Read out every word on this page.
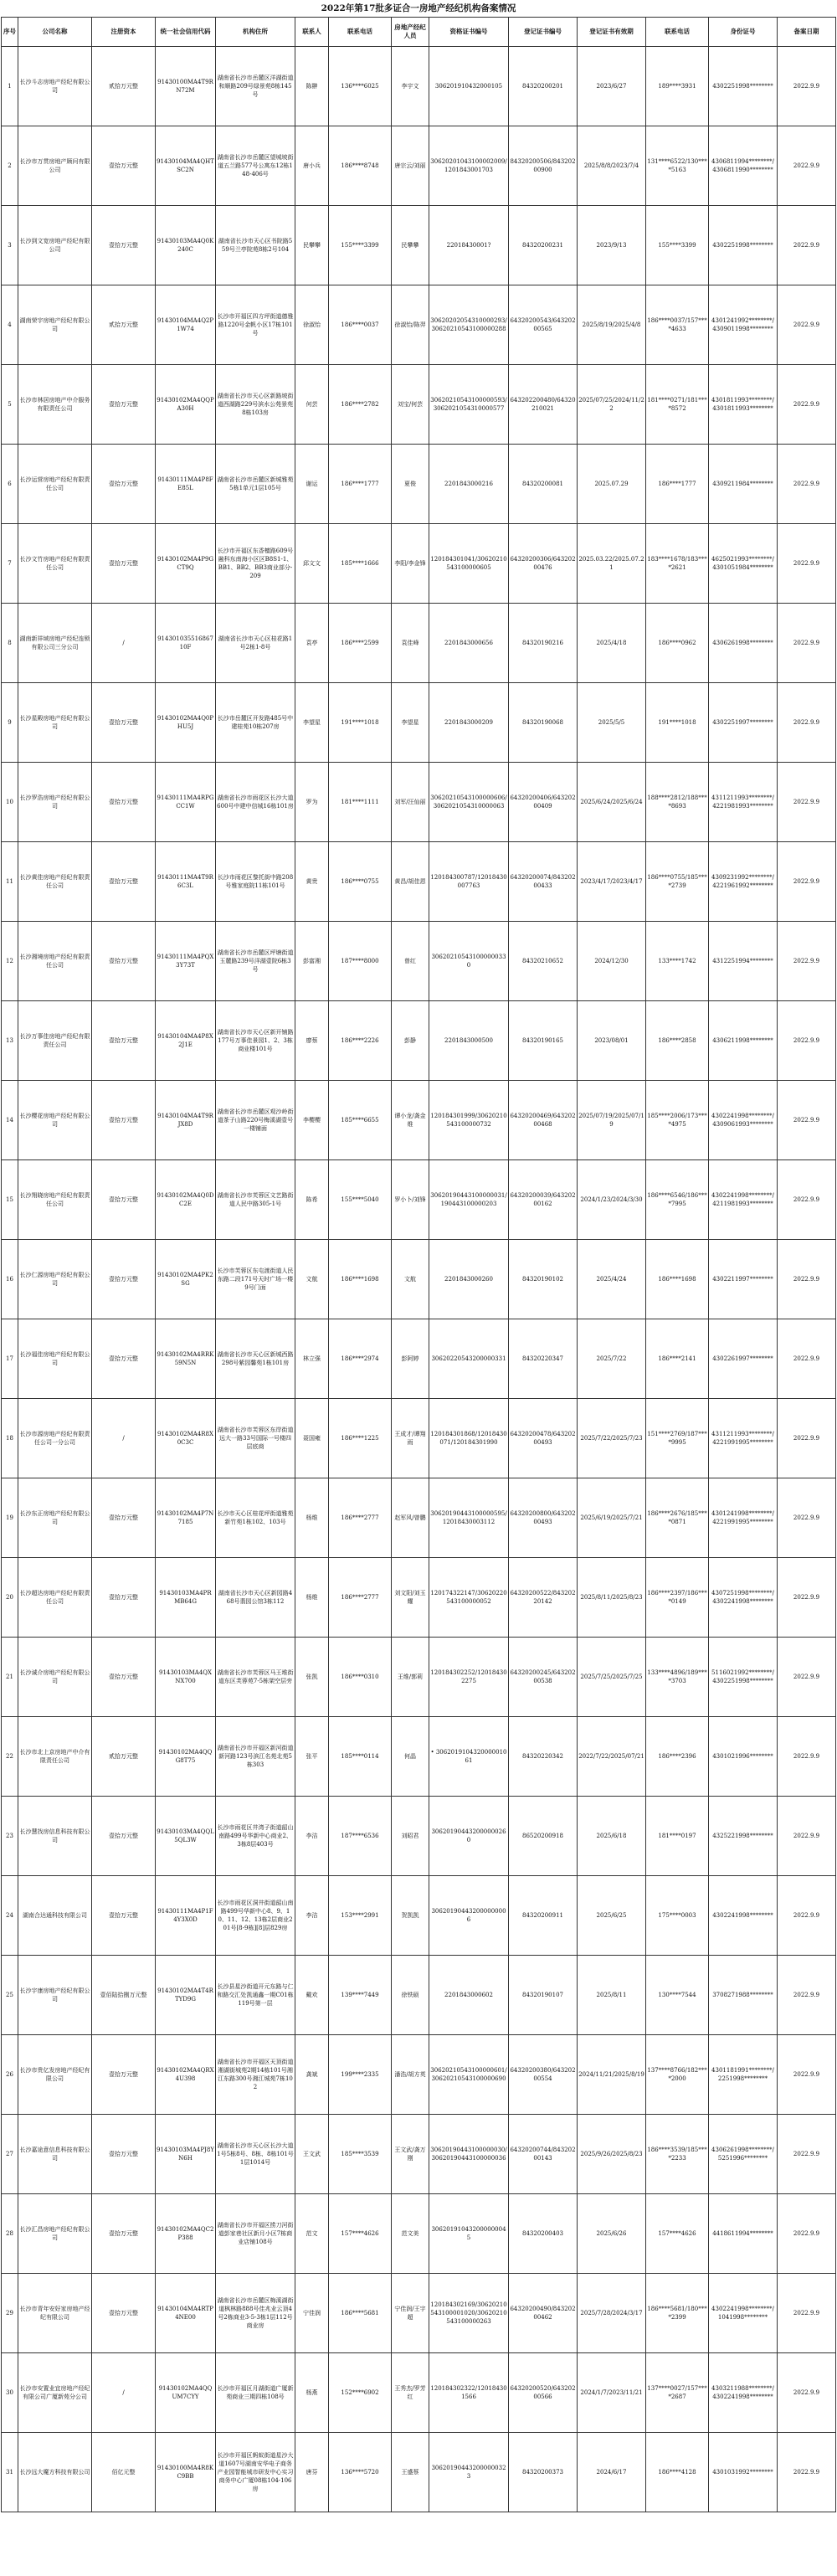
2022年第17批多证合一房地产经纪机构备案情况
序号	公司名称	注册资本	统一社会信用代码	机构住所	联系人	联系电话	房地产经纪人员	资格证书编号	登记证书编号	登记证书有效期	联系电话	身份证号	备案日期
1	长沙斗志房地产经纪有限公司	贰拾万元整	91430100MA4T9RN72M	湖南省长沙市岳麓区洋湖街道和顺路209号绿景苑8栋145号	陈翀	136****6025	李宇文	306201910432000105	84320200201	2023/6/27	189****3931	4302251998********	2022.9.9
2	长沙市万贯房地产顾问有限公司	壹拾万元整	91430104MA4QHTSC2N	湖南省长沙市岳麓区望城坡街道五兰路577号公寓东12栋148-406号	唐小兵	186****8748	唐宗云/刘丽	30620201043100002009/1201843001703	84320200506/84320200900	2025/8/8/2023/7/4	131****6522/130****5163	4306811994********/4306811990********	2022.9.9
3	长沙到文宽房地产经纪有限公司	壹拾万元整	91430103MA4Q0K240C	湖南省长沙市天心区书院路559号兰亭院苑8栋2号104	民攀攀	155****3399	民攀攀	22018430001?	84320200231	2023/9/13	155****3399	4302251998********	2022.9.9
4	湖南荣宇房地产经纪有限公司	贰拾万元整	91430104MA4Q2P1W74	长沙市开福区四方坪街道德雅路1220号金帆小区17栋101号	徐淑怡	186****0037	徐淑怡/陈羿	30620202054310000293/30620210543100000288	64320200543/64320200565	2025/8/19/2025/4/8	186****0037/157****4633	4301241992********/4309011998********	2022.9.9
5	长沙市林居房地产中介服务有限责任公司	壹拾万元整	91430102MA4QQPA30H	湖南省长沙市天心区新路坡街道西湖路229号滨水公苑景苑8栋103房	何芸	186****2782	刘宝/何芸	30620210543100000593/3062021054310000577	643202200480/64320210021	2025/07/25/2024/11/22	181****0271/181****8572	4301811993********/4301811993********	2022.9.9
6	长沙运营房地产经纪有限责任公司	壹拾万元整	91430111MA4P8FE85L	湖南省长沙市岳麓区新城雅苑5栋1单元1层105号	谢运	186****1777	夏俊	2201843000216	84320200081	2025.07.29	186****1777	4309211984********	2022.9.9
7	长沙文竹房地产经纪有限责任公司	壹拾万元整	91430102MA4P9GCT9Q	长沙市开福区东香檀路609号融科东南海小区区B8S1-1、BB1、BB2、BB3商业部分-209	邱文文	185****1666	李阳/李金锋	120184301041/30620210543100000605	64320200306/64320200476	2025.03.22/2025.07.21	183****1678/183****2621	4625021993********/4301051984********	2022.9.9
8	湖南新祥域房地产经纪连锁有限公司三分公司	/	91430103551686710F	湖南省长沙市天心区桂花路1号2栋1-8号	袁亭	186****2599	袁佳峰	2201843000656	84320190216	2025/4/18	186****0962	4306261998********	2022.9.9
9	长沙星殿房地产经纪有限公司	壹拾万元整	91430102MA4Q0PHU5J	长沙市岳麓区开发路485号中建桂苑10栋207房	李望星	191****1018	李望星	2201843000209	84320190068	2025/5/5	191****1018	4302251997********	2022.9.9
10	长沙罗浩房地产经纪有限公司	壹拾万元整	91430111MA4RPGCC1W	湖南省长沙市雨花区长沙大道600号中建中信城16栋101房	罗为	181****1111	刘军/汪仙丽	30620210543100000606/3062021054310000063	64320200406/64320200409	2025/6/24/2025/6/24	188****2812/188****8693	4311211993********/4221981993********	2022.9.9
11	长沙黄佳房地产经纪有限责任公司	壹拾万元整	91430111MA4T9R6C3L	长沙市雨花区黎托街中路208号雅家庭院11栋101号	黄贵	186****0755	黄昌/胡佳恩	120184300787/12018430007763	64320200074/84320200433	2023/4/17/2023/4/17	186****0755/185****2739	4309231992********/4221961992********	2022.9.9
12	长沙湘境房地产经纪有限责任公司	壹拾万元整	91430111MA4PQX3Y73T	湖南省长沙市岳麓区坪塘街道玉麓路239号洋湖壹院6栋3号	彭富湘	187****8000	曾红	306202105431000000330	84320210652	2024/12/30	133****1742	4312251994********	2022.9.9
13	长沙万事佳房地产经纪有限责任公司	壹拾万元整	91430104MA4P8X2J1E	湖南省长沙市天心区新开铺路177号万事佳景园1、2、3栋商业楼101号	廖蔡	186****2226	彭静	2201843000500	84320190165	2023/08/01	186****2858	4306211998********	2022.9.9
14	长沙樱花房地产经纪有限公司	壹拾万元整	91430104MA4T9RJX8D	湖南省长沙市岳麓区观沙岭街道茶子山路220号梅溪湖壹号一楼铺面	李樱樱	185****6655	谭小龙/龚金维	120184301999/30620210543100000732	64320200469/64320200468	2025/07/19/2025/07/19	185****2006/173****4975	4302241998********/4309061993********	2022.9.9
15	长沙翔晓房地产经纪有限责任公司	壹拾万元整	91430102MA4Q0DC2E	湖南省长沙市芙蓉区文艺路街道人民中路305-1号	陈希	155****5040	罗小卜/刘锋	30620190443100000031/190443100000203	64320200039/64320200162	2024/1/23/2024/3/30	186****6546/186****7995	4302241998********/4211981993********	2022.9.9
16	长沙仁源房地产经纪有限公司	壹拾万元整	91430102MA4PK2SG	长沙市芙蓉区东屯渡街道人民东路二段171号天时广场一楼9号门面	文航	186****1698	文航	2201843000260	84320190102	2025/4/24	186****1698	4302211997********	2022.9.9
17	长沙福佳房地产经纪有限公司	壹拾万元整	91430102MA4RRK59N5N	湖南省长沙市天心区新城西路298号紫园馨苑1栋101房	林立强	186****2974	彭阿婷	30620220543200000331	84320220347	2025/7/22	186****2141	4302261997********	2022.9.9
18	长沙市源房地产经纪有限责任公司一分公司	/	91430102MA4R8X0C3C	湖南省长沙市芙蓉区东岸街道远大一路33号国际一号楼四层底商	聂国雍	186****1225	王成才/谭翔雨	120184301868/12018430071/120184301990	64320200478/64320200493	2025/7/22/2025/7/23	151****2769/187****9995	4311211993********/4221991995********	2022.9.9
19	长沙东正房地产经纪有限公司	壹拾万元整	91430102MA4P7N7185	长沙市天心区桂花坪街道雅苑新竹苑1栋102、103号	杨维	186****2777	赵军风/曾鹏	30620190443100000595/12018430003112	64320200800/64320200493	2025/6/19/2025/7/21	186****2676/185****0871	4301241998********/4221991995********	2022.9.9
20	长沙超达房地产经纪有限责任公司	壹拾万元整	91430103MA4PRMB64G	湖南省长沙市天心区新园路468号翡园公馆3栋112	杨维	186****2777	刘文阳/刘玉耀	120174322147/30620220543100000052	64320200522/84320220142	2025/8/11/2025/8/23	186****2397/186****0149	4307251998********/4302241998********	2022.9.9
21	长沙诚介房地产经纪有限公司	壹拾万元整	91430103MA4QXNX700	湖南省长沙市芙蓉区马王堆街道东区芙蓉苑7-5栋架空层旁	张凯	186****0310	王维/郭莉	120184302252/120184302275	64320200245/64320200538	2025/7/25/2025/7/25	133****4896/189****3703	5116021992********/4302251998********	2022.9.9
22	长沙市北上京房地产中介有限责任公司	贰拾万元整	91430102MA4QQG8T75	湖南省长沙市开福区新河街道新河路123号滨江名苑北苑5栋303	张平	185****0114	何晶	• 306201910432000001061	84320220342	2022/7/22/2025/07/21	186****2396	4301021996********	2022.9.9
23	长沙慧找房信息科技有限公司	壹拾万元整	91430103MA4QQL5QL3W	长沙市雨花区井湾子街道韶山南路499号华新中心商业2、3栋8层403号	李洁	187****6536	刘昭君	306201904432000000260	86520200918	2025/6/18	181****0197	4325221998********	2022.9.9
24	湖南合达通科技有限公司	壹拾万元整	91430111MA4P1F4Y3X0D	长沙市雨花区洞井街道韶山南路499号华新中心8、9、10、11、12、13栋2层商业201号[8-9栋][8]层829房	李洁	153****2991	贺凯凯	306201904432000000006	84320200911	2025/6/25	175****0003	4302241998********	2022.9.9
25	长沙宇康房地产经纪有限公司	壹佰陆拾捌万元整	91430102MA4T4RTYD9G	长沙县星沙街道开元东路与仁和路交汇处凯通鑫一期C01栋119号第一层	戴欢	139****7449	徐铁硕	2201843000602	84320190107	2025/8/11	130****7544	3708271988********	2022.9.9
26	长沙市贵亿发房地产经纪有限公司	壹拾万元整	91430102MA4QRX4U398	湖南省长沙市开福区天顶街道湘湖街城苑2期14栋101号湘江东路300号湘江城苑7栋102	龚斌	199****2335	潘浩/胡方英	30620210543100000601/30620210543100000690	64320200380/64320200554	2024/11/21/2025/8/19	137****8766/182****2000	4301181991********/2251998********	2022.9.9
27	长沙嘉途意信息科技有限公司	壹拾万元整	91430103MA4PJ8YN6H	湖南省长沙市天心区长沙大道1号5栋8号、8栋、8栋101号1层1014号	王文武	185****3539	王文武/龚万刚	30620190443100000030/30620190443100000036	64320200744/84320200143	2025/9/26/2025/8/23	186****3539/185****2233	4306261998********/5251996********	2022.9.9
28	长沙汇昌房地产经纪有限公司	壹拾万元整	91430102MA4QC2P388	湖南省长沙市开福区捞刀河街道彭家巷社区新月小区7栋商业店铺108号	范文	157****4626	范文美	306201910432000000045	84320200403	2025/6/26	157****4626	4418611994********	2022.9.9
29	长沙市青年安好家房地产经纪有限公司	壹拾万元整	91430104MA4RTP4NE00	湖南省长沙市岳麓区梅溪湖街道枫林路888号佳兆业云顶4号2栋商业3-5-3栋1层112号商业房	宁佳润	186****5681	宁佳润/王宇超	120184302169/30620210543100001020/30620210543100000263	64320200490/84320200462	2025/7/28/2024/3/17	186****5681/180****2399	4302241998********/1041998********	2022.9.9
30	长沙市安置业宜房地产经纪有限公司广厦新苑分公司	/	91430102MA4QQUM7CYY	长沙市开福区月湖街道广厦新苑商业三期四栋108号	杨燕	152****6902	王秀杰/罗芳红	120184302322/120184301566	64320200520/64320200566	2024/1/7/2023/11/21	137****0027/157****2687	4303211988********/4302241998********	2022.9.9
31	长沙远大魔方科技有限公司	佰亿元整	91430100MA4R8KC9BB	长沙市开福区蚂蚁街道星沙大道1607号湖南安华电子商务产业园智能城市研发中心实习商务中心广厦08栋104-106房	唐芬	136****5720	王盛蔡	306201904432000000323	84320200373	2024/6/17	186****4128	4301031992********	2022.9.9
